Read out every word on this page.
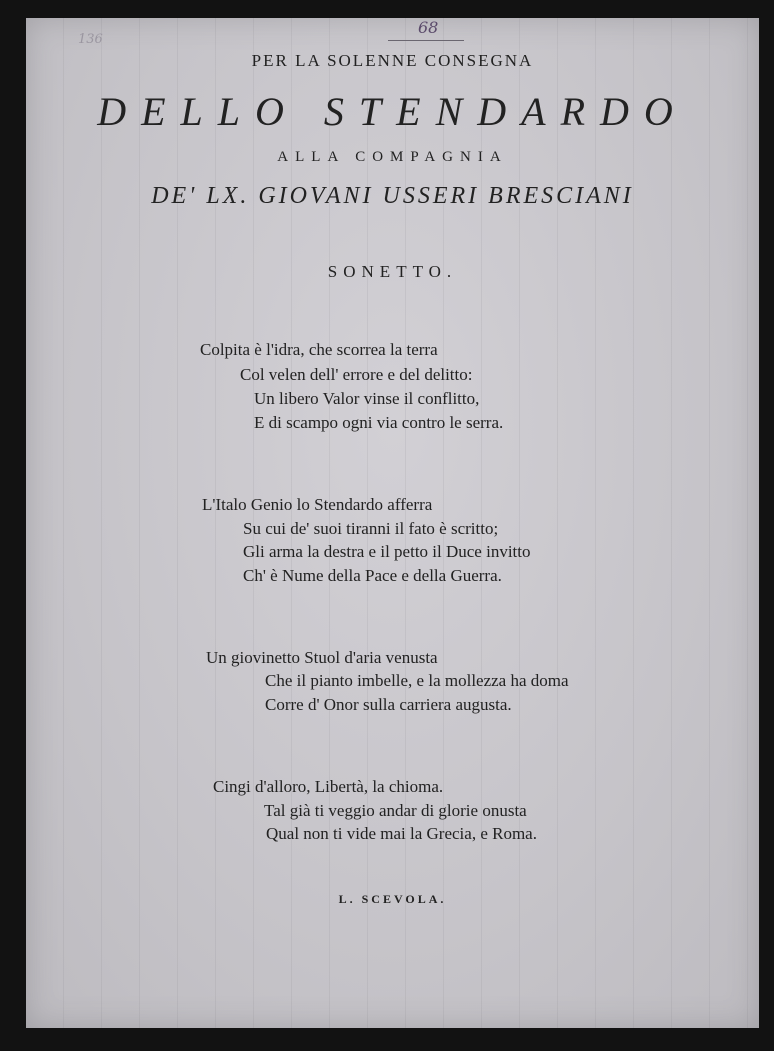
136
68
PER LA SOLENNE CONSEGNA
DELLO STENDARDO
ALLA COMPAGNIA
DE' LX. GIOVANI USSERI BRESCIANI
SONETTO.
Colpita è l'idra, che scorrea la terra
Col velen dell' errore e del delitto:
Un libero Valor vinse il conflitto,
E di scampo ogni via contro le serra.
L'Italo Genio lo Stendardo afferra
Su cui de' suoi tiranni il fato è scritto;
Gli arma la destra e il petto il Duce invitto
Ch' è Nume della Pace e della Guerra.
Un giovinetto Stuol d'aria venusta
Che il pianto imbelle, e la mollezza ha doma
Corre d' Onor sulla carriera augusta.
Cingi d'alloro, Libertà, la chioma.
Tal già ti veggio andar di glorie onusta
Qual non ti vide mai la Grecia, e Roma.
L. SCEVOLA.
